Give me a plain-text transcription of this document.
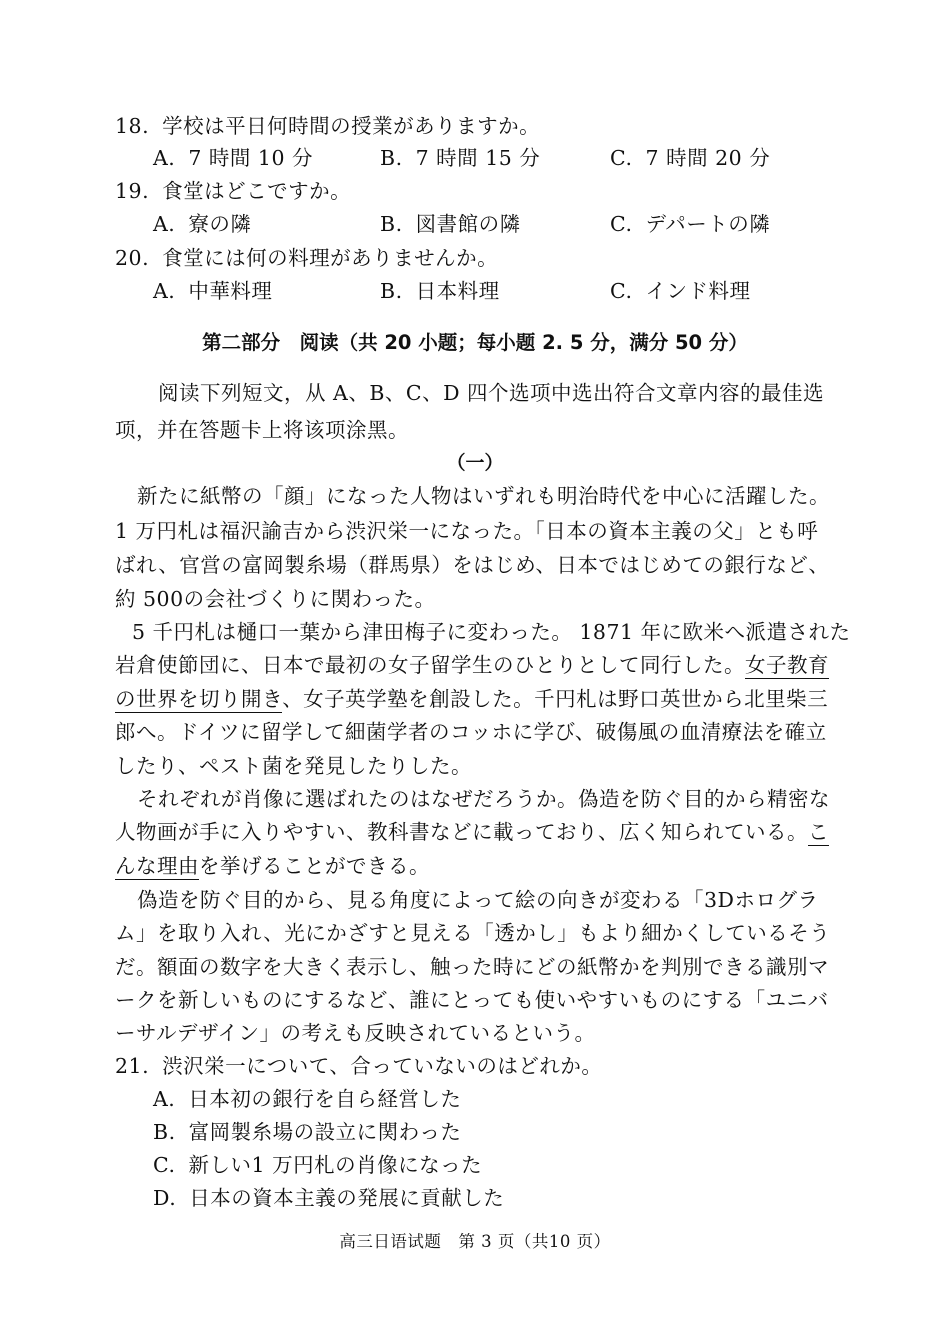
18. 学校は平日何時間の授業がありますか。
A. 7 時間 10 分	B. 7 時間 15 分	C. 7 時間 20 分
19. 食堂はどこですか。
A. 寮の隣	B. 図書館の隣	C. デパートの隣
20. 食堂には何の料理がありませんか。
A. 中華料理	B. 日本料理	C. インド料理
第二部分　阅读（共 20 小题；每小题 2. 5 分，满分 50 分）
阅读下列短文，从 A、B、C、D 四个选项中选出符合文章内容的最佳选
项，并在答题卡上将该项涂黑。
（一）
新たに紙幣の「顔」になった人物はいずれも明治時代を中心に活躍した。
1 万円札は福沢諭吉から渋沢栄一になった。「日本の資本主義の父」とも呼
ばれ、官営の富岡製糸場（群馬県）をはじめ、日本ではじめての銀行など、
約 500の会社づくりに関わった。
5 千円札は樋口一葉から津田梅子に変わった。 1871 年に欧米へ派遣された
岩倉使節団に、日本で最初の女子留学生のひとりとして同行した。女子教育
の世界を切り開き、女子英学塾を創設した。千円札は野口英世から北里柴三
郎へ。ドイツに留学して細菌学者のコッホに学び、破傷風の血清療法を確立
したり、ペスト菌を発見したりした。
それぞれが肖像に選ばれたのはなぜだろうか。偽造を防ぐ目的から精密な
人物画が手に入りやすい、教科書などに載っており、広く知られている。こ
んな理由を挙げることができる。
偽造を防ぐ目的から、見る角度によって絵の向きが変わる「3Dホログラ
ム」を取り入れ、光にかざすと見える「透かし」もより細かくしているそう
だ。額面の数字を大きく表示し、触った時にどの紙幣かを判別できる識別マ
ークを新しいものにするなど、誰にとっても使いやすいものにする「ユニバ
ーサルデザイン」の考えも反映されているという。
21. 渋沢栄一について、合っていないのはどれか。
A. 日本初の銀行を自ら経営した
B. 富岡製糸場の設立に関わった
C. 新しい1 万円札の肖像になった
D. 日本の資本主義の発展に貢献した
高三日语试题　第 3 页（共10 页）
